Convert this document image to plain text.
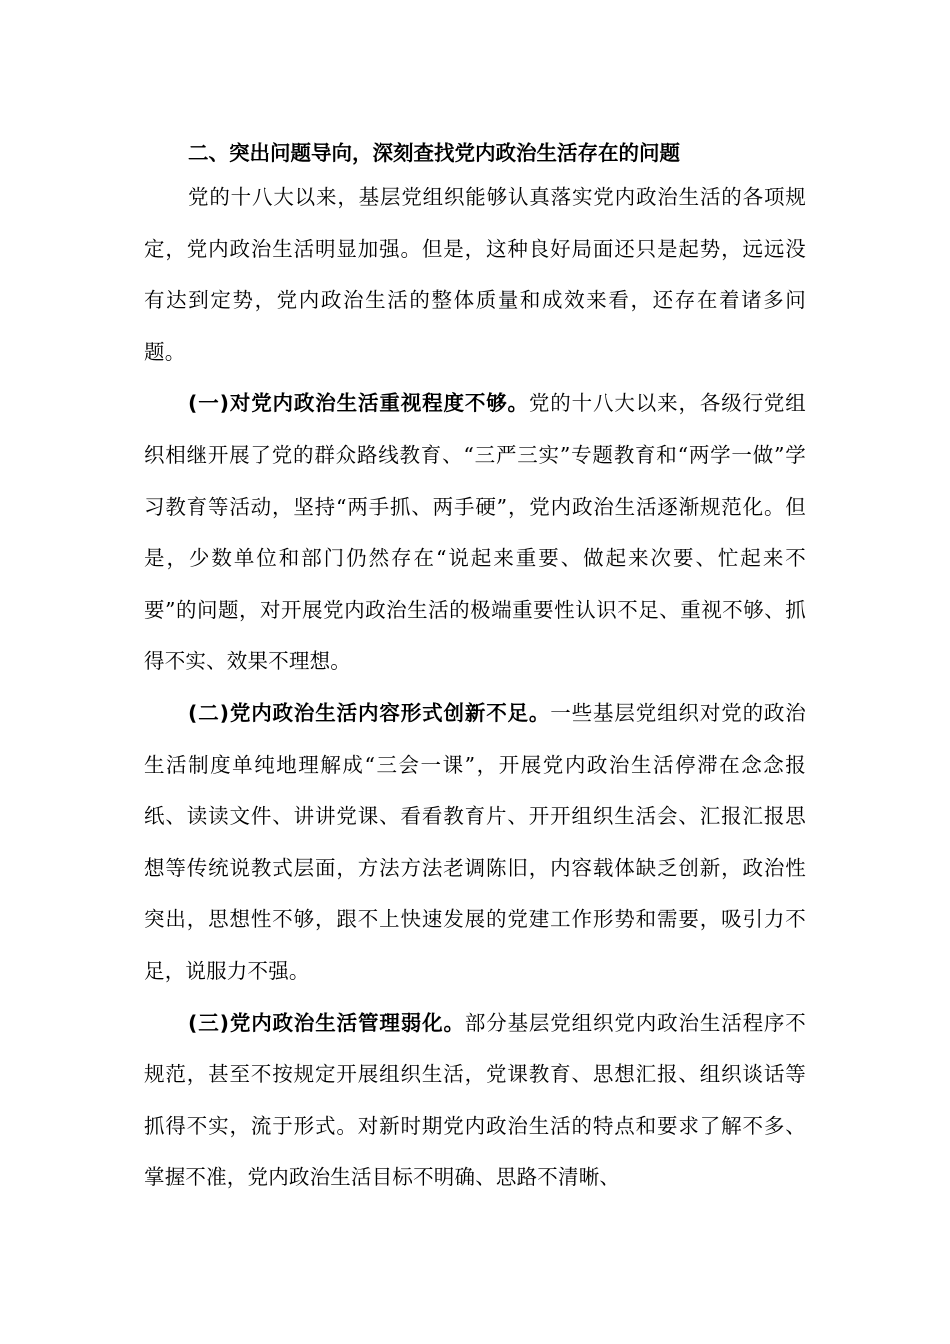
二、突出问题导向，深刻查找党内政治生活存在的问题

党的十八大以来，基层党组织能够认真落实党内政治生活的各项规定，党内政治生活明显加强。但是，这种良好局面还只是起势，远远没有达到定势，党内政治生活的整体质量和成效来看，还存在着诸多问题。

(一)对党内政治生活重视程度不够。党的十八大以来，各级行党组织相继开展了党的群众路线教育、“三严三实”专题教育和“两学一做”学习教育等活动，坚持“两手抓、两手硬”，党内政治生活逐渐规范化。但是，少数单位和部门仍然存在“说起来重要、做起来次要、忙起来不要”的问题，对开展党内政治生活的极端重要性认识不足、重视不够、抓得不实、效果不理想。

(二)党内政治生活内容形式创新不足。一些基层党组织对党的政治生活制度单纯地理解成“三会一课”，开展党内政治生活停滞在念念报纸、读读文件、讲讲党课、看看教育片、开开组织生活会、汇报汇报思想等传统说教式层面，方法方法老调陈旧，内容载体缺乏创新，政治性突出，思想性不够，跟不上快速发展的党建工作形势和需要，吸引力不足，说服力不强。

(三)党内政治生活管理弱化。部分基层党组织党内政治生活程序不规范，甚至不按规定开展组织生活，党课教育、思想汇报、组织谈话等抓得不实，流于形式。对新时期党内政治生活的特点和要求了解不多、掌握不准，党内政治生活目标不明确、思路不清晰、
